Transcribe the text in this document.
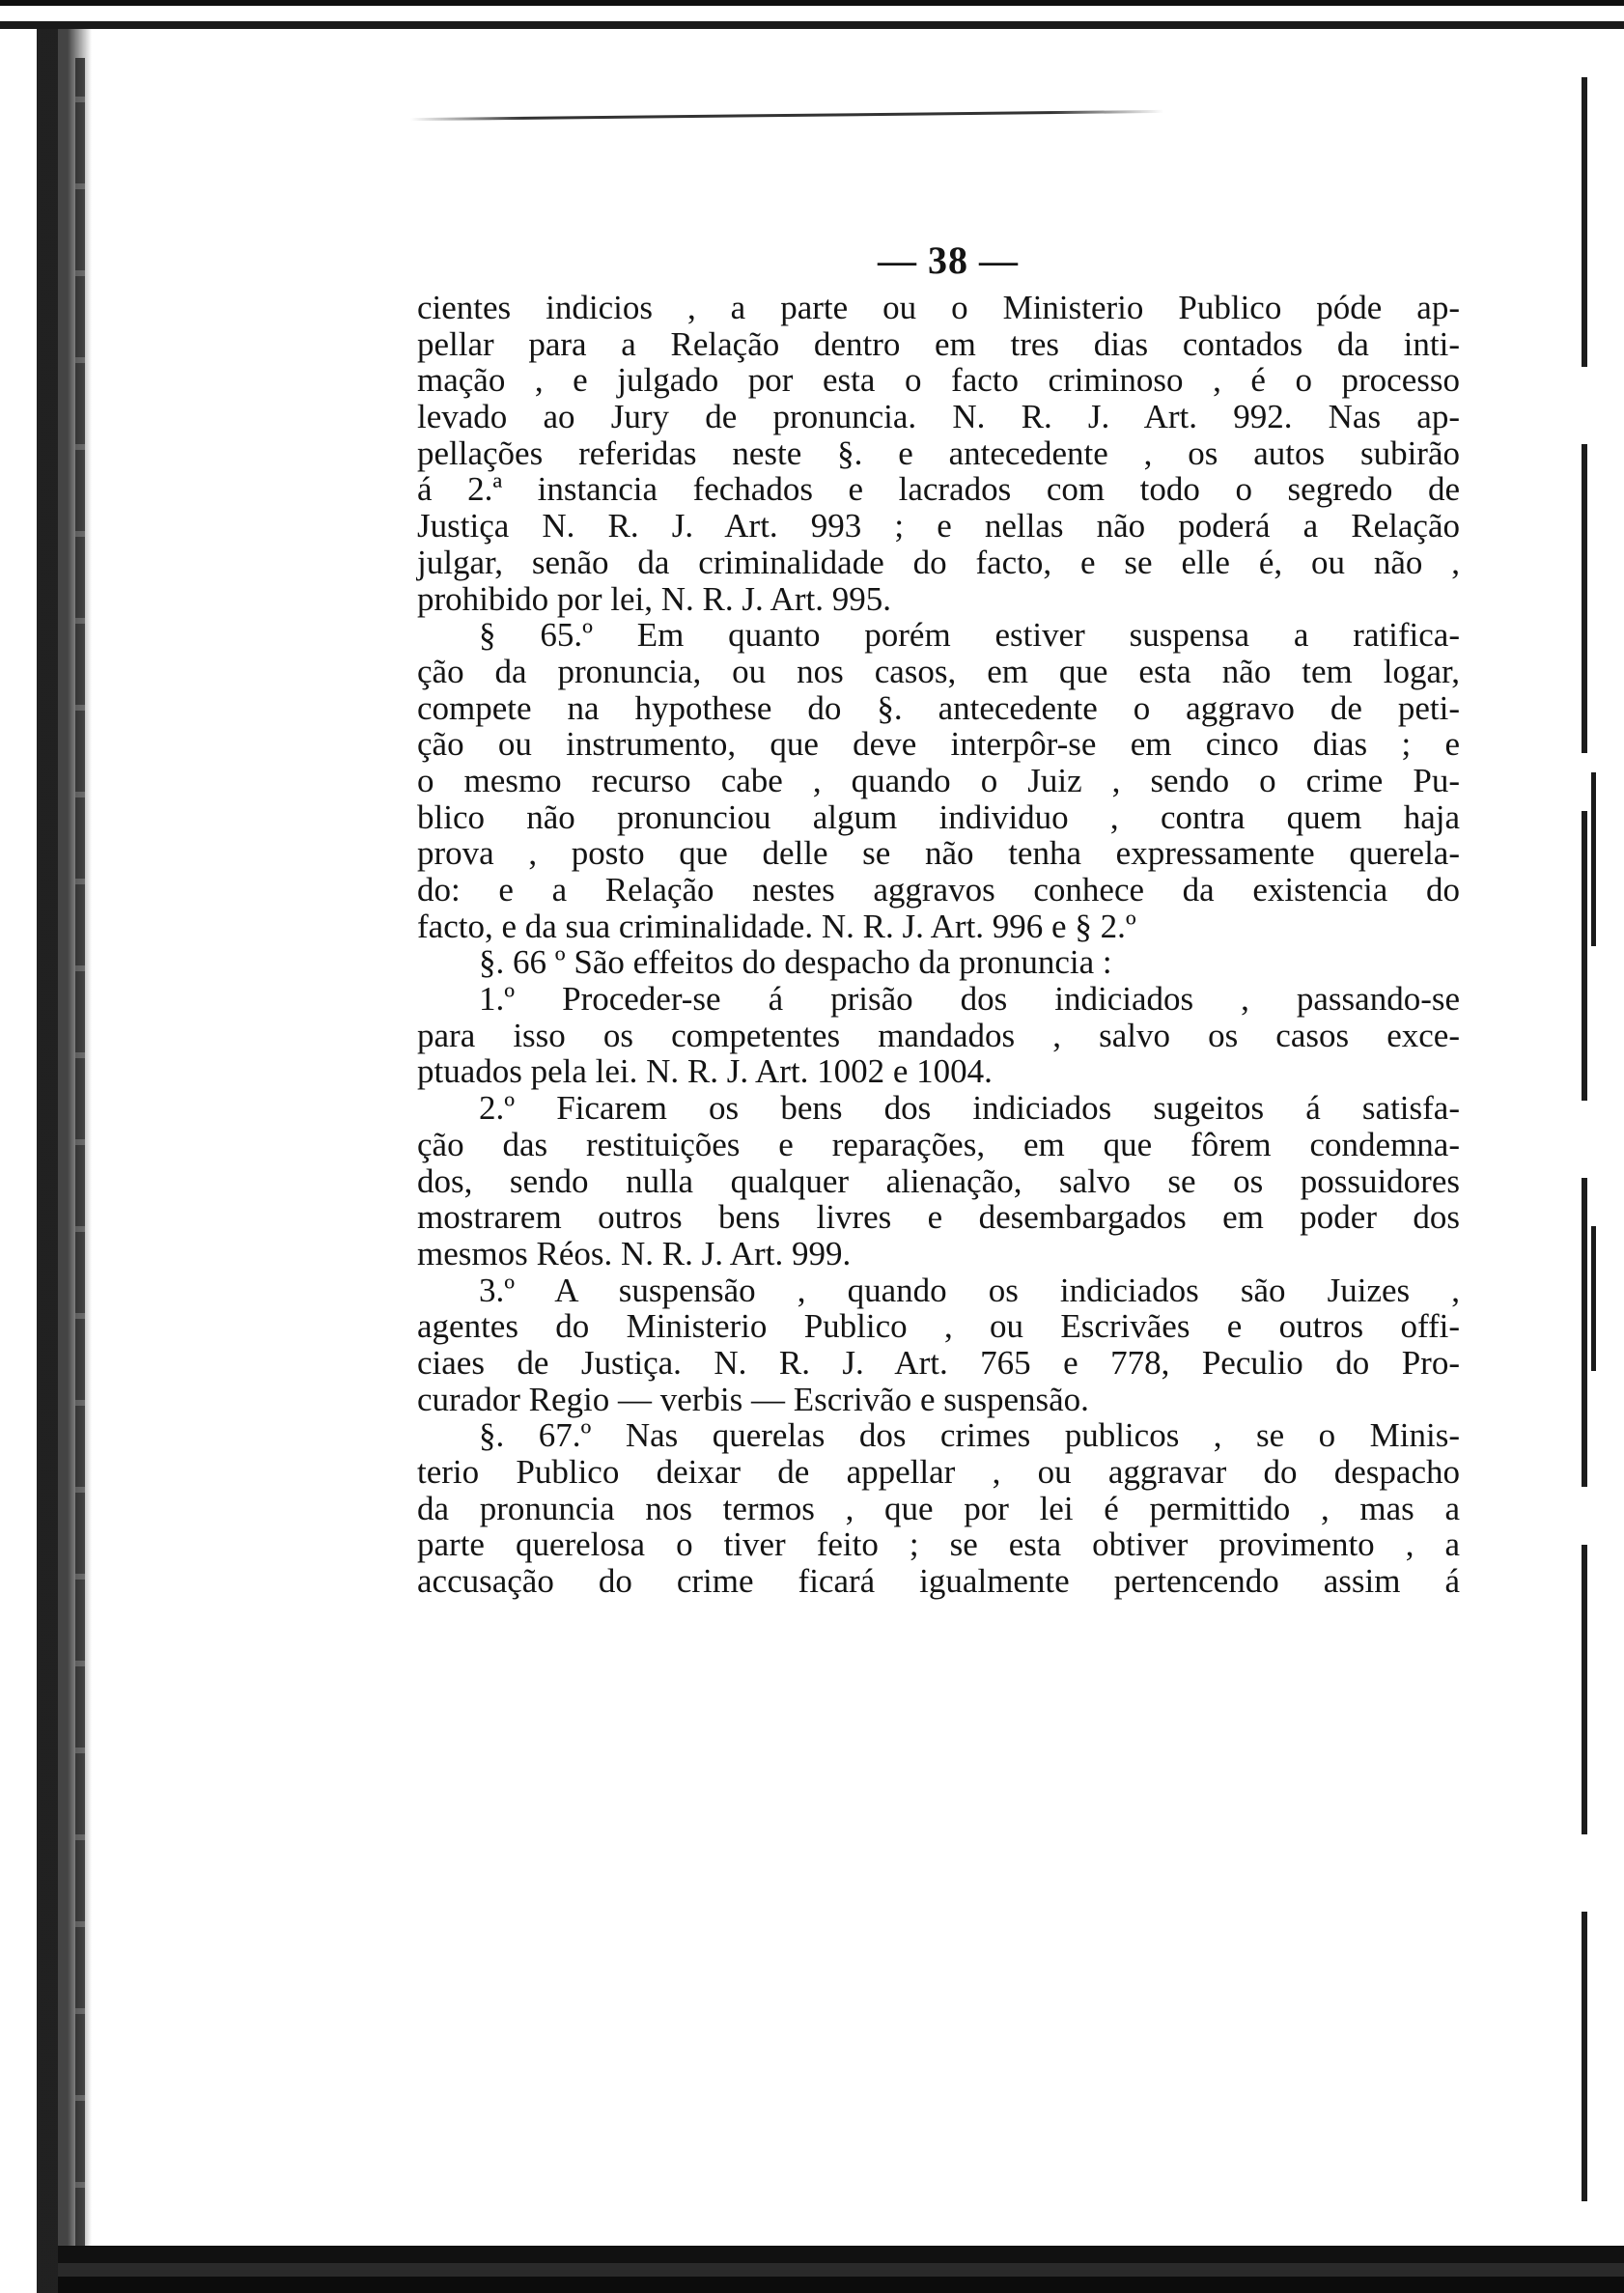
— 38 —
cientes indicios , a parte ou o Ministerio Publico póde ap-
pellar para a Relação dentro em tres dias contados da inti-
mação , e julgado por esta o facto criminoso , é o processo
levado ao Jury de pronuncia. N. R. J. Art. 992. Nas ap-
pellações referidas neste §. e antecedente , os autos subirão
á 2.ª instancia fechados e lacrados com todo o segredo de
Justiça N. R. J. Art. 993 ; e nellas não poderá a Relação
julgar, senão da criminalidade do facto, e se elle é, ou não ,
prohibido por lei, N. R. J. Art. 995.
§ 65.º Em quanto porém estiver suspensa a ratifica-
ção da pronuncia, ou nos casos, em que esta não tem logar,
compete na hypothese do §. antecedente o aggravo de peti-
ção ou instrumento, que deve interpôr-se em cinco dias ; e
o mesmo recurso cabe , quando o Juiz , sendo o crime Pu-
blico não pronunciou algum individuo , contra quem haja
prova , posto que delle se não tenha expressamente querela-
do: e a Relação nestes aggravos conhece da existencia do
facto, e da sua criminalidade. N. R. J. Art. 996 e § 2.º
§. 66 º São effeitos do despacho da pronuncia :
1.º Proceder-se á prisão dos indiciados , passando-se
para isso os competentes mandados , salvo os casos exce-
ptuados pela lei. N. R. J. Art. 1002 e 1004.
2.º Ficarem os bens dos indiciados sugeitos á satisfa-
ção das restituições e reparações, em que fôrem condemna-
dos, sendo nulla qualquer alienação, salvo se os possuidores
mostrarem outros bens livres e desembargados em poder dos
mesmos Réos. N. R. J. Art. 999.
3.º A suspensão , quando os indiciados são Juizes ,
agentes do Ministerio Publico , ou Escrivães e outros offi-
ciaes de Justiça. N. R. J. Art. 765 e 778, Peculio do Pro-
curador Regio — verbis — Escrivão e suspensão.
§. 67.º Nas querelas dos crimes publicos , se o Minis-
terio Publico deixar de appellar , ou aggravar do despacho
da pronuncia nos termos , que por lei é permittido , mas a
parte querelosa o tiver feito ; se esta obtiver provimento , a
accusação do crime ficará igualmente pertencendo assim á
